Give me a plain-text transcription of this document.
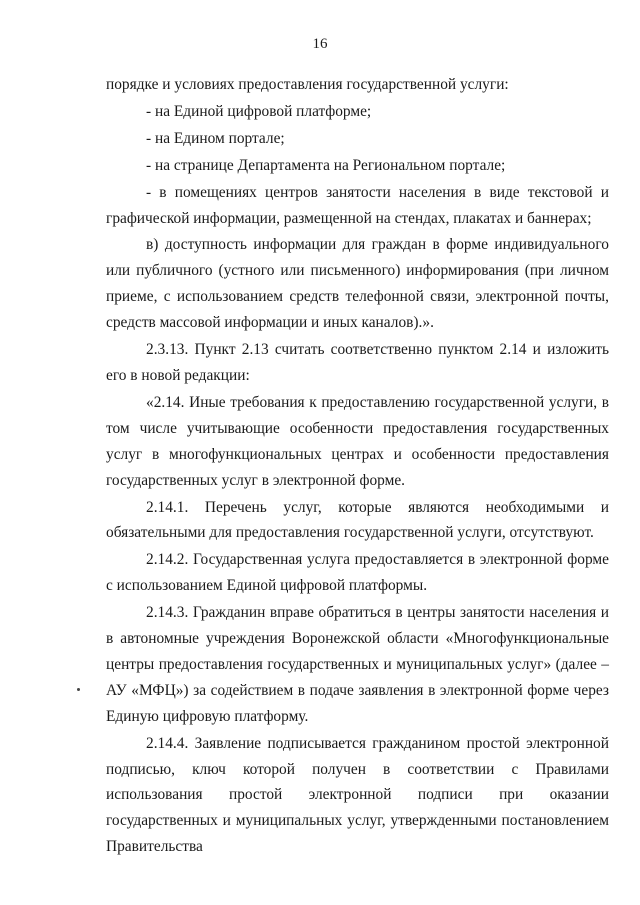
16

порядке и условиях предоставления государственной услуги:

- на Единой цифровой платформе;

- на Едином портале;

- на странице Департамента на Региональном портале;

- в помещениях центров занятости населения в виде текстовой и графической информации, размещенной на стендах, плакатах и баннерах;

в) доступность информации для граждан в форме индивидуального или публичного (устного или письменного) информирования (при личном приеме, с использованием средств телефонной связи, электронной почты, средств массовой информации и иных каналов).».

2.3.13. Пункт 2.13 считать соответственно пунктом 2.14 и изложить его в новой редакции:

«2.14. Иные требования к предоставлению государственной услуги, в том числе учитывающие особенности предоставления государственных услуг в многофункциональных центрах и особенности предоставления государственных услуг в электронной форме.

2.14.1. Перечень услуг, которые являются необходимыми и обязательными для предоставления государственной услуги, отсутствуют.

2.14.2. Государственная услуга предоставляется в электронной форме с использованием Единой цифровой платформы.

2.14.3. Гражданин вправе обратиться в центры занятости населения и в автономные учреждения Воронежской области «Многофункциональные центры предоставления государственных и муниципальных услуг» (далее – АУ «МФЦ») за содействием в подаче заявления в электронной форме через Единую цифровую платформу.

2.14.4. Заявление подписывается гражданином простой электронной подписью, ключ которой получен в соответствии с Правилами использования простой электронной подписи при оказании государственных и муниципальных услуг, утвержденными постановлением Правительства
